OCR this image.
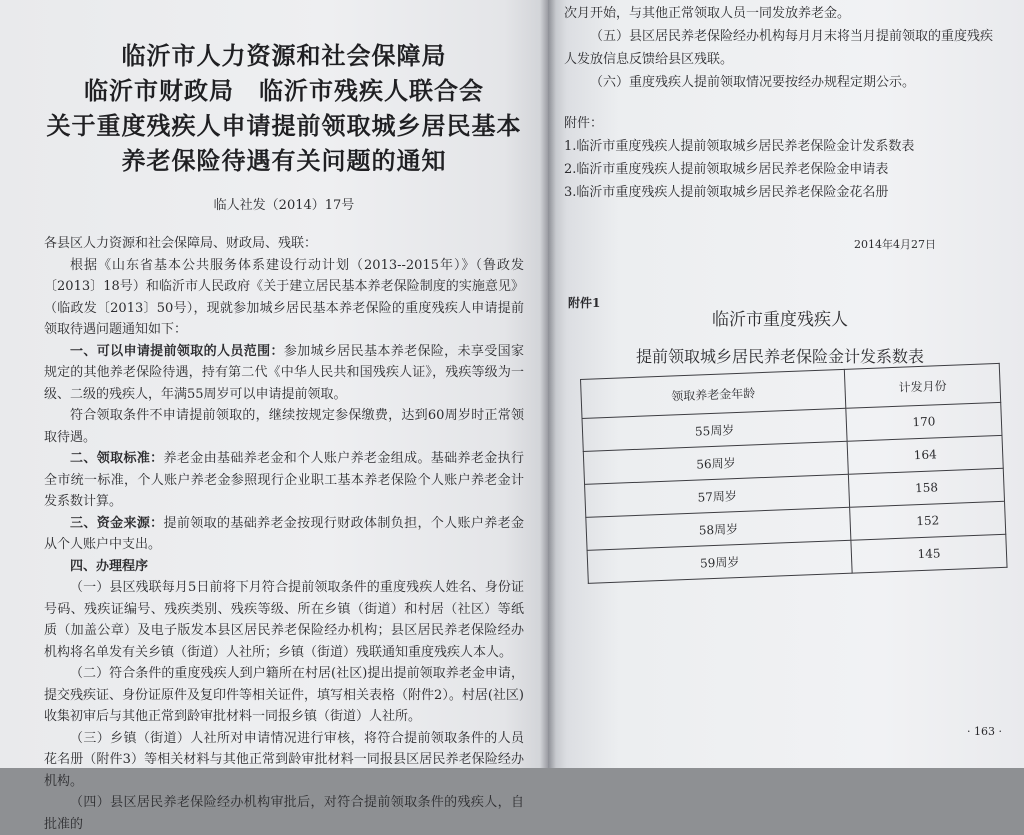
临沂市人力资源和社会保障局
临沂市财政局　临沂市残疾人联合会
关于重度残疾人申请提前领取城乡居民基本
养老保险待遇有关问题的通知
临人社发（2014）17号

各县区人力资源和社会保障局、财政局、残联：

根据《山东省基本公共服务体系建设行动计划（2013--2015年）》（鲁政发〔2013〕18号）和临沂市人民政府《关于建立居民基本养老保险制度的实施意见》（临政发〔2013〕50号），现就参加城乡居民基本养老保险的重度残疾人申请提前领取待遇问题通知如下：

一、可以申请提前领取的人员范围：参加城乡居民基本养老保险，未享受国家规定的其他养老保险待遇，持有第二代《中华人民共和国残疾人证》，残疾等级为一级、二级的残疾人，年满55周岁可以申请提前领取。

符合领取条件不申请提前领取的，继续按规定参保缴费，达到60周岁时正常领取待遇。

二、领取标准：养老金由基础养老金和个人账户养老金组成。基础养老金执行全市统一标准，个人账户养老金参照现行企业职工基本养老保险个人账户养老金计发系数计算。

三、资金来源：提前领取的基础养老金按现行财政体制负担，个人账户养老金从个人账户中支出。

四、办理程序

（一）县区残联每月5日前将下月符合提前领取条件的重度残疾人姓名、身份证号码、残疾证编号、残疾类别、残疾等级、所在乡镇（街道）和村居（社区）等纸质（加盖公章）及电子版发本县区居民养老保险经办机构；县区居民养老保险经办机构将名单发有关乡镇（街道）人社所；乡镇（街道）残联通知重度残疾人本人。

（二）符合条件的重度残疾人到户籍所在村居(社区)提出提前领取养老金申请，提交残疾证、身份证原件及复印件等相关证件，填写相关表格（附件2）。村居(社区)收集初审后与其他正常到龄审批材料一同报乡镇（街道）人社所。

（三）乡镇（街道）人社所对申请情况进行审核，将符合提前领取条件的人员花名册（附件3）等相关材料与其他正常到龄审批材料一同报县区居民养老保险经办机构。

（四）县区居民养老保险经办机构审批后，对符合提前领取条件的残疾人，自批准的

次月开始，与其他正常领取人员一同发放养老金。

（五）县区居民养老保险经办机构每月月末将当月提前领取的重度残疾人发放信息反馈给县区残联。

（六）重度残疾人提前领取情况要按经办规程定期公示。

附件：

1.临沂市重度残疾人提前领取城乡居民养老保险金计发系数表

2.临沂市重度残疾人提前领取城乡居民养老保险金申请表

3.临沂市重度残疾人提前领取城乡居民养老保险金花名册

2014年4月27日
附件1
临沂市重度残疾人
提前领取城乡居民养老保险金计发系数表
领取养老金年龄	计发月份
55周岁	170
56周岁	164
57周岁	158
58周岁	152
59周岁	145
· 163 ·
